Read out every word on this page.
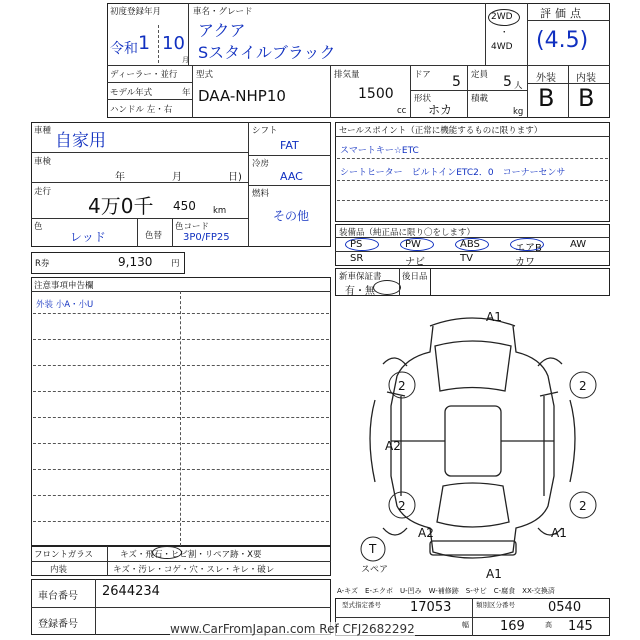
初度登録年月
令和 1 10
月
車名・グレード
アクア
Sスタイルブラック
2WD
・
4WD
評価点
(4.5)
ディーラー・並行
モデル年式	年
ハンドル 左・右
型式
DAA-NHP10
排気量
1500
cc
ドア 5 定員 5 人
形状
ホカ
積載
kg
外装 内装
B B
車種 自家用
車検
年	月	日)
走行
4万0千 450 km
色
レッド	色替
色コード
3P0/FP25
シフト
FAT
冷房
AAC
燃料
その他
R券	9,130 円
セールスポイント（正常に機能するものに限ります）
スマートキー☆ETC
シートヒーター　ビルトインETC2．0　コーナーセンサ
装備品（純正品に限り〇をします）
PS	PW	ABS	エアB	AW
SR	ナビ	TV	カワ
新車保証書
有・無
後日品
注意事項申告欄
外装 小A・小U
フロントガラス	キズ・飛石・ヒビ割・リペア跡・X要
内装	キズ・汚レ・コゲ・穴・スレ・キレ・破レ
A1
2	2
A2
2	2
A2	A1
A1
T
スペア
A-キズ　E-エクボ　U-凹み　W-補修跡　S-サビ　C-腐食　XX-交換済
車台番号 2644234
登録番号
型式指定番号 17053	類別区分番号	0540
幅 169	高 145
www.CarFromJapan.com Ref CFJ2682292
